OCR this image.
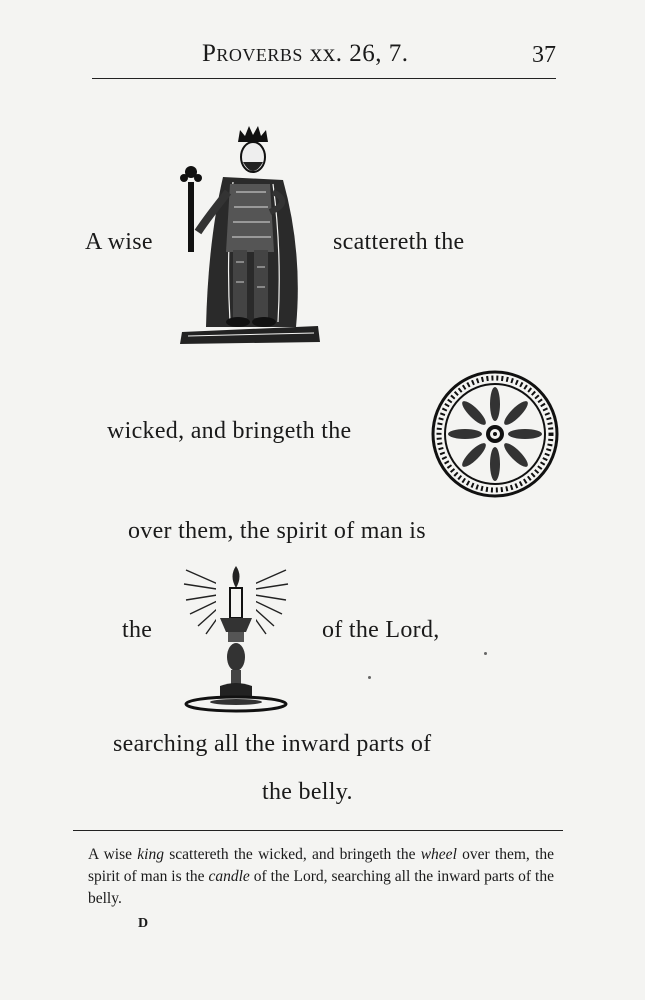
Proverbs xx. 26, 7.	37
A wise	scattereth the
wicked, and bringeth the
over them, the spirit of man is
the	of the Lord,
searching all the inward parts of
the belly.
A wise king scattereth the wicked, and bringeth the wheel over them, the spirit of man is the candle of the Lord, searching all the inward parts of the belly.
D
